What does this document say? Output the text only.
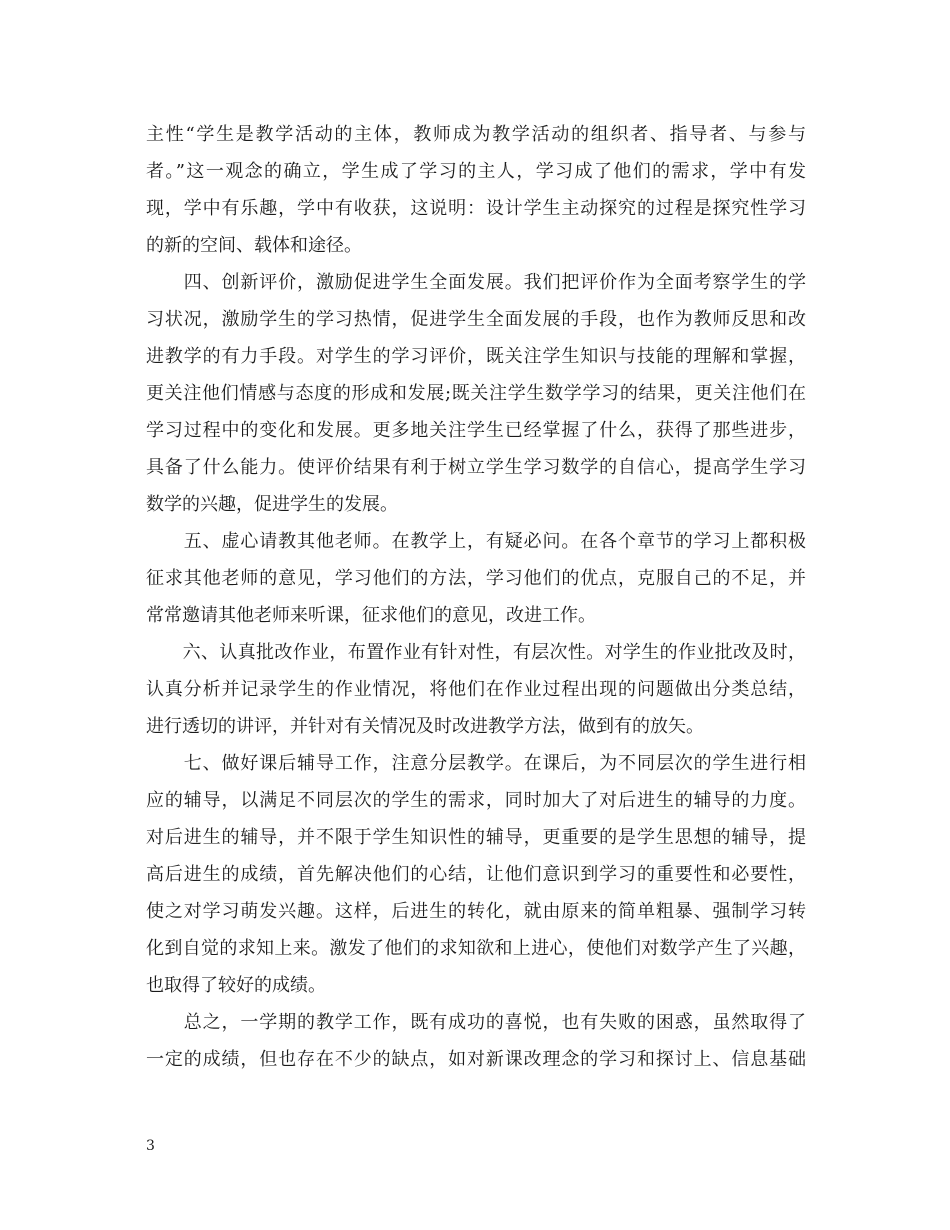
主性“学生是教学活动的主体，教师成为教学活动的组织者、指导者、与参与
者。”这一观念的确立，学生成了学习的主人，学习成了他们的需求，学中有发
现，学中有乐趣，学中有收获，这说明：设计学生主动探究的过程是探究性学习
的新的空间、载体和途径。
　　四、创新评价，激励促进学生全面发展。我们把评价作为全面考察学生的学
习状况，激励学生的学习热情，促进学生全面发展的手段，也作为教师反思和改
进教学的有力手段。对学生的学习评价，既关注学生知识与技能的理解和掌握，
更关注他们情感与态度的形成和发展;既关注学生数学学习的结果，更关注他们在
学习过程中的变化和发展。更多地关注学生已经掌握了什么，获得了那些进步，
具备了什么能力。使评价结果有利于树立学生学习数学的自信心，提高学生学习
数学的兴趣，促进学生的发展。
　　五、虚心请教其他老师。在教学上，有疑必问。在各个章节的学习上都积极
征求其他老师的意见，学习他们的方法，学习他们的优点，克服自己的不足，并
常常邀请其他老师来听课，征求他们的意见，改进工作。
　　六、认真批改作业，布置作业有针对性，有层次性。对学生的作业批改及时，
认真分析并记录学生的作业情况，将他们在作业过程出现的问题做出分类总结，
进行透切的讲评，并针对有关情况及时改进教学方法，做到有的放矢。
　　七、做好课后辅导工作，注意分层教学。在课后，为不同层次的学生进行相
应的辅导，以满足不同层次的学生的需求，同时加大了对后进生的辅导的力度。
对后进生的辅导，并不限于学生知识性的辅导，更重要的是学生思想的辅导，提
高后进生的成绩，首先解决他们的心结，让他们意识到学习的重要性和必要性，
使之对学习萌发兴趣。这样，后进生的转化，就由原来的简单粗暴、强制学习转
化到自觉的求知上来。激发了他们的求知欲和上进心，使他们对数学产生了兴趣，
也取得了较好的成绩。
　　总之，一学期的教学工作，既有成功的喜悦，也有失败的困惑，虽然取得了
一定的成绩，但也存在不少的缺点，如对新课改理念的学习和探讨上、信息基础
3
